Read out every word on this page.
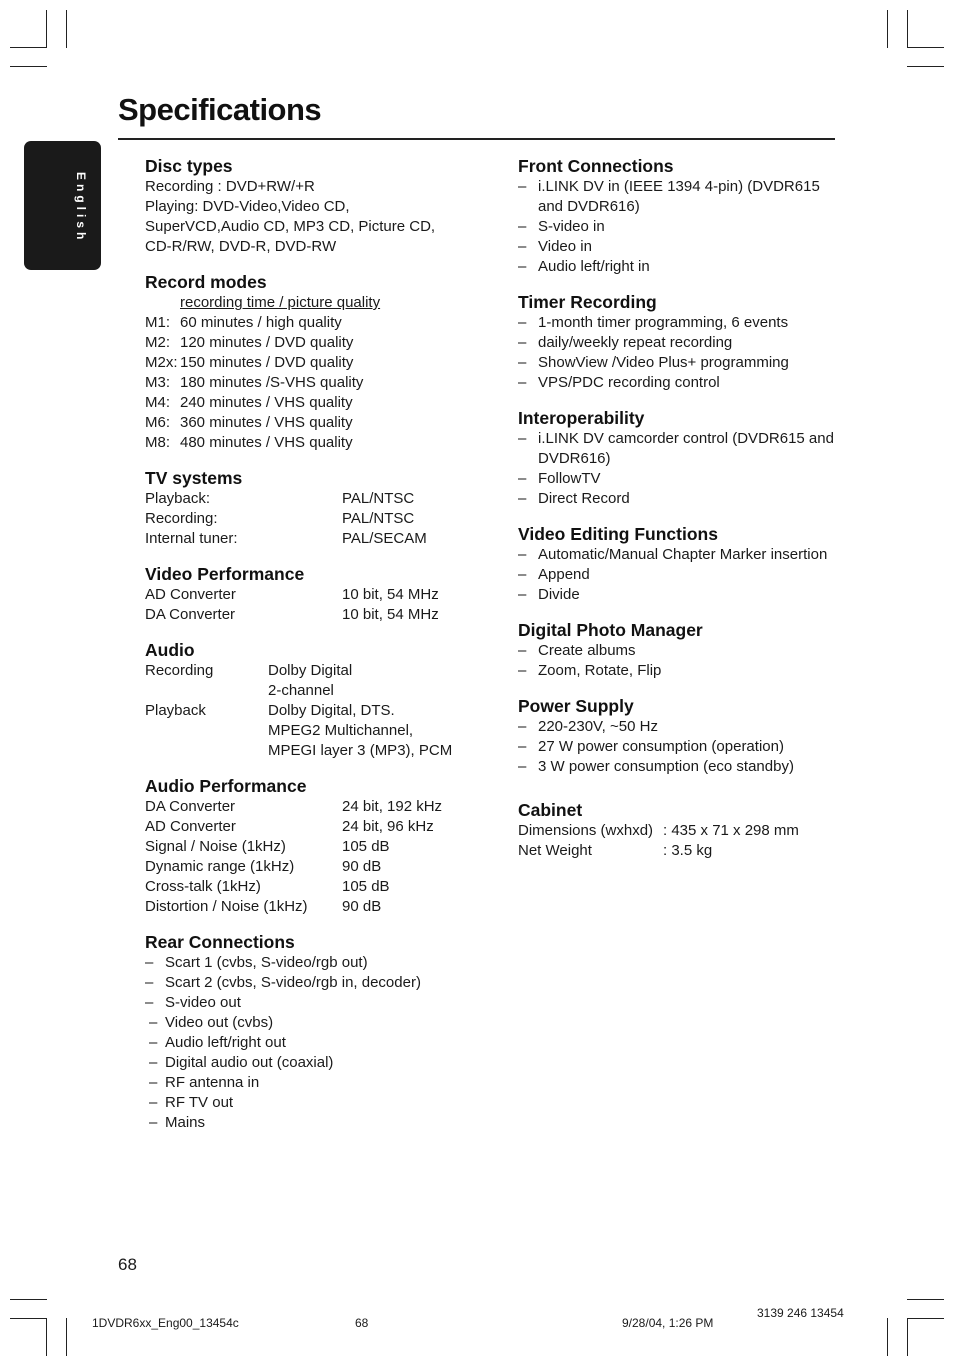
Specifications
English
Disc types
Recording : DVD+RW/+R
Playing: DVD-Video,Video CD,
SuperVCD,Audio CD, MP3 CD, Picture CD,
CD-R/RW, DVD-R, DVD-RW
Record modes
recording time / picture quality
M1: 60 minutes / high quality
M2: 120 minutes / DVD quality
M2x: 150 minutes / DVD quality
M3: 180 minutes /S-VHS quality
M4: 240 minutes / VHS quality
M6: 360 minutes / VHS quality
M8: 480 minutes / VHS quality
TV systems
Playback:	PAL/NTSC
Recording:	PAL/NTSC
Internal tuner:	PAL/SECAM
Video Performance
AD Converter	10 bit, 54 MHz
DA Converter	10 bit, 54 MHz
Audio
Recording	Dolby Digital
2-channel
Playback	Dolby Digital, DTS.
MPEG2 Multichannel,
MPEGI layer 3 (MP3), PCM
Audio Performance
DA Converter	24 bit, 192 kHz
AD Converter	24 bit, 96 kHz
Signal / Noise (1kHz)	105 dB
Dynamic range (1kHz)	90 dB
Cross-talk (1kHz)	105 dB
Distortion / Noise (1kHz)	90 dB
Rear Connections
– Scart 1 (cvbs, S-video/rgb out)
– Scart 2 (cvbs, S-video/rgb in, decoder)
– S-video out
– Video out (cvbs)
– Audio left/right out
– Digital audio out (coaxial)
– RF antenna in
– RF TV out
– Mains
Front Connections
– i.LINK DV in (IEEE 1394 4-pin) (DVDR615 and DVDR616)
– S-video in
– Video in
– Audio left/right in
Timer Recording
– 1-month timer programming, 6 events
– daily/weekly repeat recording
– ShowView /Video Plus+ programming
– VPS/PDC recording control
Interoperability
– i.LINK DV camcorder control (DVDR615 and DVDR616)
– FollowTV
– Direct Record
Video Editing Functions
– Automatic/Manual Chapter Marker insertion
– Append
– Divide
Digital Photo Manager
– Create albums
– Zoom, Rotate, Flip
Power Supply
– 220-230V, ~50 Hz
– 27 W power consumption (operation)
– 3 W power consumption (eco standby)
Cabinet
Dimensions (wxhxd) : 435 x 71 x 298 mm
Net Weight	: 3.5 kg
68
1DVDR6xx_Eng00_13454c	68	9/28/04, 1:26 PM
3139 246 13454
